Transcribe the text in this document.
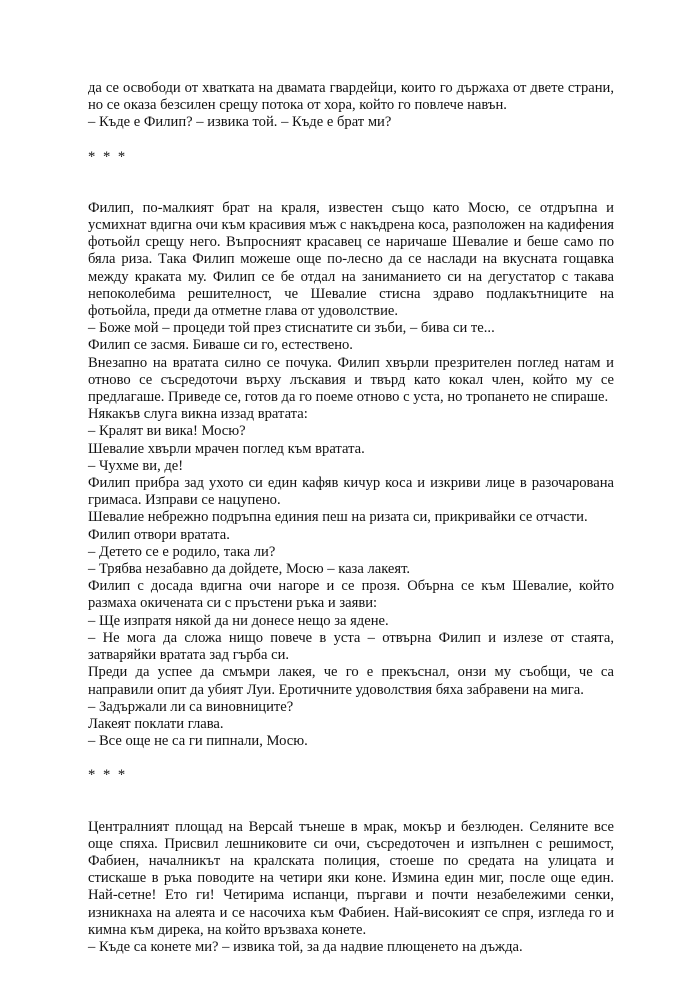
да се освободи от хватката на двамата гвардейци, които го държаха от двете страни, но се оказа безсилен срещу потока от хора, който го повлече навън.

– Къде е Филип? – извика той. – Къде е брат ми?

* * *

Филип, по-малкият брат на краля, известен също като Мосю, се отдръпна и усмихнат вдигна очи към красивия мъж с накъдрена коса, разположен на кадифения фотьойл срещу него. Въпросният красавец се наричаше Шевалие и беше само по бяла риза. Така Филип можеше още по-лесно да се наслади на вкусната гощавка между краката му. Филип се бе отдал на заниманието си на дегустатор с такава непоколебима решителност, че Шевалие стисна здраво подлакътниците на фотьойла, преди да отметне глава от удоволствие.

– Боже мой – процеди той през стиснатите си зъби, – бива си те...

Филип се засмя. Биваше си го, естествено.

Внезапно на вратата силно се почука. Филип хвърли презрителен поглед натам и отново се съсредоточи върху лъскавия и твърд като кокал член, който му се предлагаше. Приведе се, готов да го поеме отново с уста, но тропането не спираше.

Някакъв слуга викна иззад вратата:

– Кралят ви вика! Мосю?

Шевалие хвърли мрачен поглед към вратата.

– Чухме ви, де!

Филип прибра зад ухото си един кафяв кичур коса и изкриви лице в разочарована гримаса. Изправи се нацупено.

Шевалие небрежно подръпна единия пеш на ризата си, прикривайки се отчасти.

Филип отвори вратата.

– Детето се е родило, така ли?

– Трябва незабавно да дойдете, Мосю – каза лакеят.

Филип с досада вдигна очи нагоре и се прозя. Обърна се към Шевалие, който размаха окичената си с пръстени ръка и заяви:

– Ще изпратя някой да ни донесе нещо за ядене.

– Не мога да сложа нищо повече в уста – отвърна Филип и излезе от стаята, затваряйки вратата зад гърба си.

Преди да успее да смъмри лакея, че го е прекъснал, онзи му съобщи, че са направили опит да убият Луи. Еротичните удоволствия бяха забравени на мига.

– Задържали ли са виновниците?

Лакеят поклати глава.

– Все още не са ги пипнали, Мосю.

* * *

Централният площад на Версай тънеше в мрак, мокър и безлюден. Селяните все още спяха. Присвил лешниковите си очи, съсредоточен и изпълнен с решимост, Фабиен, началникът на кралската полиция, стоеше по средата на улицата и стискаше в ръка поводите на четири яки коне. Измина един миг, после още един. Най-сетне! Ето ги! Четирима испанци, пъргави и почти незабележими сенки, изникнаха на алеята и се насочиха към Фабиен. Най-високият се спря, изгледа го и кимна към дирека, на който връзваха конете.

– Къде са конете ми? – извика той, за да надвие плющенето на дъжда.
